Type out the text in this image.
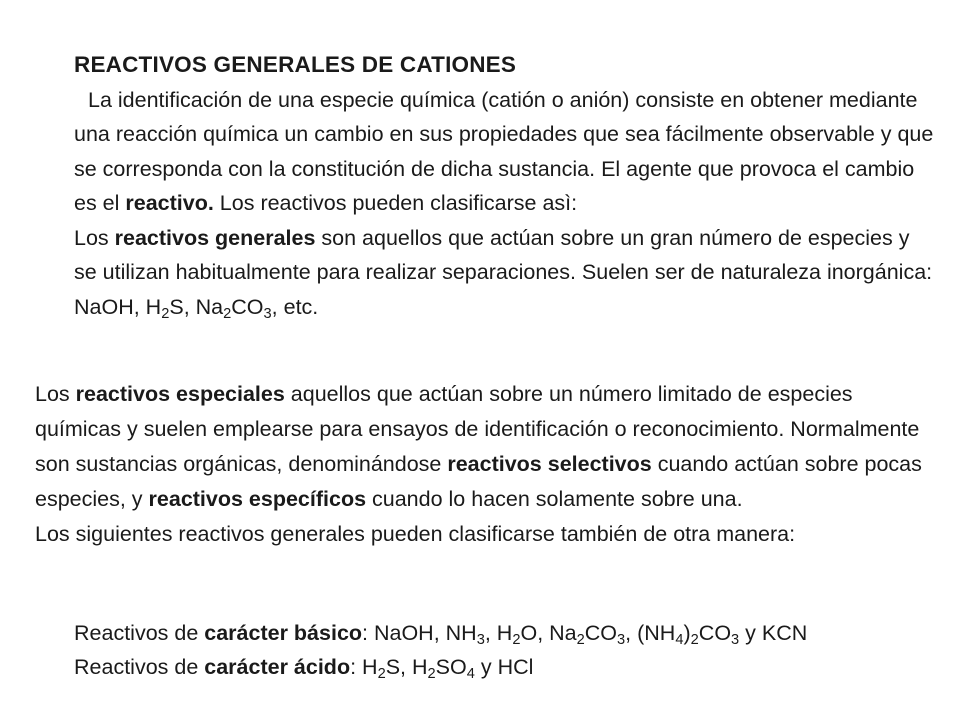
REACTIVOS GENERALES DE CATIONES

La identificación de una especie química (catión o anión) consiste en obtener mediante una reacción química un cambio en sus propiedades que sea fácilmente observable y que se corresponda con la constitución de dicha sustancia. El agente que provoca el cambio es el reactivo. Los reactivos pueden clasificarse asì:

Los reactivos generales son aquellos que actúan sobre un gran número de especies y se utilizan habitualmente para realizar separaciones. Suelen ser de naturaleza inorgánica: NaOH, $H_2S$, $Na_2CO_3$, etc.

Los reactivos especiales aquellos que actúan sobre un número limitado de especies químicas y suelen emplearse para ensayos de identificación o reconocimiento. Normalmente son sustancias orgánicas, denominándose reactivos selectivos cuando actúan sobre pocas especies, y reactivos específicos cuando lo hacen solamente sobre una.

Los siguientes reactivos generales pueden clasificarse también de otra manera:

Reactivos de carácter básico: NaOH, $NH_3$, $H_2O$, $Na_2CO_3$, $(NH_4)_2CO_3$ y KCN

Reactivos de carácter ácido: $H_2S$, $H_2SO_4$ y HCl
